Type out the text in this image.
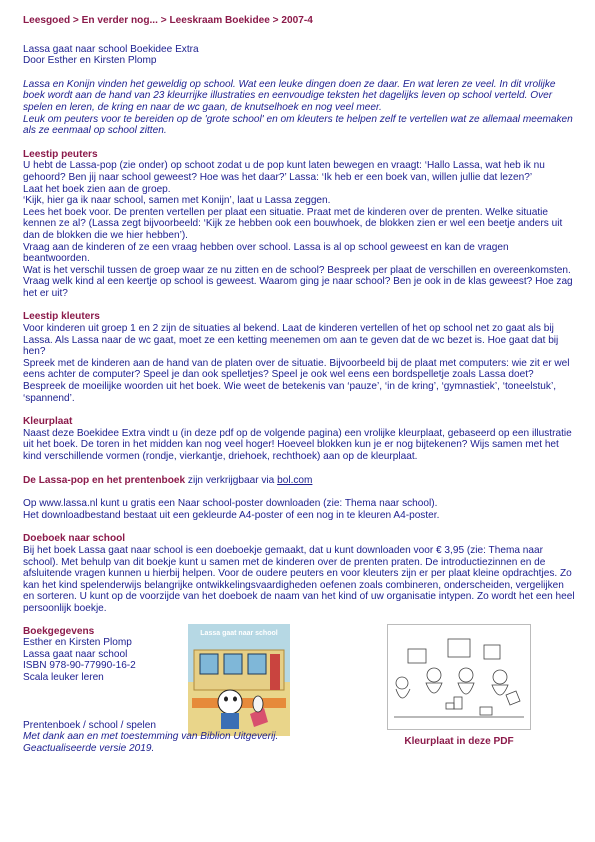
Leesgoed > En verder nog... > Leeskraam Boekidee > 2007-4

Lassa gaat naar school Boekidee Extra

Door Esther en Kirsten Plomp

Lassa en Konijn vinden het geweldig op school. Wat een leuke dingen doen ze daar. En wat leren ze veel. In dit vrolijke boek wordt aan de hand van 23 kleurrijke illustraties en eenvoudige teksten het dagelijks leven op school verteld. Over spelen en leren, de kring en naar de wc gaan, de knutselhoek en nog veel meer.

Leuk om peuters voor te bereiden op de 'grote school' en om kleuters te helpen zelf te vertellen wat ze allemaal meemaken als ze eenmaal op school zitten.

Leestip peuters

U hebt de Lassa-pop (zie onder) op schoot zodat u de pop kunt laten bewegen en vraagt: ‘Hallo Lassa, wat heb ik nu gehoord? Ben jij naar school geweest? Hoe was het daar?’ Lassa: ‘Ik heb er een boek van, willen jullie dat lezen?’

Laat het boek zien aan de groep.

‘Kijk, hier ga ik naar school, samen met Konijn’, laat u Lassa zeggen.

Lees het boek voor. De prenten vertellen per plaat een situatie. Praat met de kinderen over de prenten. Welke situatie kennen ze al? (Lassa zegt bijvoorbeeld: ‘Kijk ze hebben ook een bouwhoek, de blokken zien er wel een beetje anders uit dan de blokken die we hier hebben’).

Vraag aan de kinderen of ze een vraag hebben over school. Lassa is al op school geweest en kan de vragen beantwoorden.

Wat is het verschil tussen de groep waar ze nu zitten en de school? Bespreek per plaat de verschillen en overeenkomsten.

Vraag welk kind al een keertje op school is geweest. Waarom ging je naar school? Ben je ook in de klas geweest? Hoe zag het er uit?

Leestip kleuters

Voor kinderen uit groep 1 en 2 zijn de situaties al bekend. Laat de kinderen vertellen of het op school net zo gaat als bij Lassa. Als Lassa naar de wc gaat, moet ze een ketting meenemen om aan te geven dat de wc bezet is. Hoe gaat dat bij hen?

Spreek met de kinderen aan de hand van de platen over de situatie. Bijvoorbeeld bij de plaat met computers: wie zit er wel eens achter de computer? Speel je dan ook spelletjes? Speel je ook wel eens een bordspelletje zoals Lassa doet? Bespreek de moeilijke woorden uit het boek. Wie weet de betekenis van ‘pauze’, ‘in de kring’, ‘gymnastiek’, ‘toneelstuk’, ‘spannend’.

Kleurplaat

Naast deze Boekidee Extra vindt u (in deze pdf op de volgende pagina) een vrolijke kleurplaat, gebaseerd op een illustratie uit het boek. De toren in het midden kan nog veel hoger! Hoeveel blokken kun je er nog bijtekenen? Wijs samen met het kind verschillende vormen (rondje, vierkantje, driehoek, rechthoek) aan op de kleurplaat.

De Lassa-pop en het prentenboek zijn verkrijgbaar via bol.com

Op www.lassa.nl kunt u gratis een Naar school-poster downloaden (zie: Thema naar school).

Het downloadbestand bestaat uit een gekleurde A4-poster of een nog in te kleuren A4-poster.

Doeboek naar school

Bij het boek Lassa gaat naar school is een doeboekje gemaakt, dat u kunt downloaden voor € 3,95 (zie: Thema naar school). Met behulp van dit boekje kunt u samen met de kinderen over de prenten praten. De introductiezinnen en de afsluitende vragen kunnen u hierbij helpen. Voor de oudere peuters en voor kleuters zijn er per plaat kleine opdrachtjes. Zo kan het kind spelenderwijs belangrijke ontwikkelingsvaardigheden oefenen zoals combineren, onderscheiden, vergelijken en sorteren. U kunt op de voorzijde van het doeboek de naam van het kind of uw organisatie intypen. Zo wordt het een heel persoonlijk boekje.

Boekgegevens

Esther en Kirsten Plomp

Lassa gaat naar school

ISBN 978-90-77990-16-2

Scala leuker leren

Lassa gaat naar school
Kleurplaat in deze PDF

Prentenboek / school / spelen

Met dank aan en met toestemming van Biblion Uitgeverij.

Geactualiseerde versie 2019.
